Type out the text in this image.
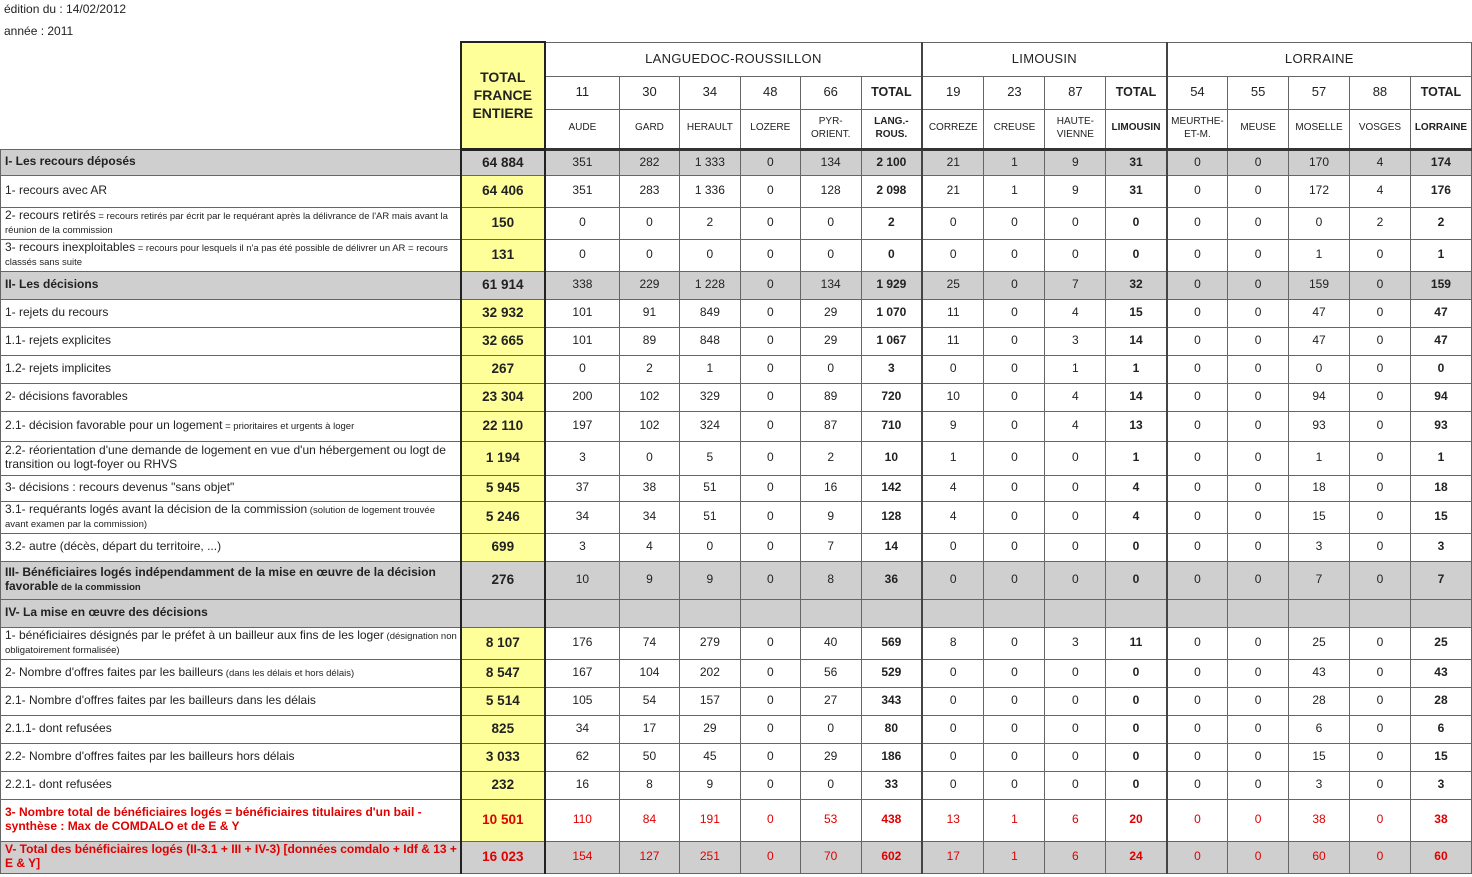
édition du : 14/02/2012
année : 2011
	TOTAL FRANCE ENTIERE	LANGUEDOC-ROUSSILLON						LIMOUSIN				LORRAINE				
		11	30	34	48	66	TOTAL	19	23	87	TOTAL	54	55	57	88	TOTAL
		AUDE	GARD	HERAULT	LOZERE	PYR-ORIENT.	LANG.-ROUS.	CORREZE	CREUSE	HAUTE-VIENNE	LIMOUSIN	MEURTHE-ET-M.	MEUSE	MOSELLE	VOSGES	LORRAINE
I- Les recours déposés	64 884	351	282	1 333	0	134	2 100	21	1	9	31	0	0	170	4	174
1- recours avec AR	64 406	351	283	1 336	0	128	2 098	21	1	9	31	0	0	172	4	176
2- recours retirés = recours retirés par écrit par le requérant après la délivrance de l'AR mais avant la réunion de la commission	150	0	0	2	0	0	2	0	0	0	0	0	0	0	2	2
3- recours inexploitables = recours pour lesquels il n'a pas été possible de délivrer un AR = recours classés sans suite	131	0	0	0	0	0	0	0	0	0	0	0	0	1	0	1
II- Les décisions	61 914	338	229	1 228	0	134	1 929	25	0	7	32	0	0	159	0	159
1- rejets du recours	32 932	101	91	849	0	29	1 070	11	0	4	15	0	0	47	0	47
1.1- rejets explicites	32 665	101	89	848	0	29	1 067	11	0	3	14	0	0	47	0	47
1.2- rejets implicites	267	0	2	1	0	0	3	0	0	1	1	0	0	0	0	0
2- décisions favorables	23 304	200	102	329	0	89	720	10	0	4	14	0	0	94	0	94
2.1- décision favorable pour un logement = prioritaires et urgents à loger	22 110	197	102	324	0	87	710	9	0	4	13	0	0	93	0	93
2.2- réorientation d'une demande de logement en vue d'un hébergement ou logt de transition ou logt-foyer ou RHVS	1 194	3	0	5	0	2	10	1	0	0	1	0	0	1	0	1
3- décisions : recours devenus "sans objet"	5 945	37	38	51	0	16	142	4	0	0	4	0	0	18	0	18
3.1- requérants logés avant la décision de la commission (solution de logement trouvée avant examen par la commission)	5 246	34	34	51	0	9	128	4	0	0	4	0	0	15	0	15
3.2- autre (décès, départ du territoire, ...)	699	3	4	0	0	7	14	0	0	0	0	0	0	3	0	3
III- Bénéficiaires logés indépendamment de la mise en œuvre de la décision favorable de la commission	276	10	9	9	0	8	36	0	0	0	0	0	0	7	0	7
IV- La mise en œuvre des décisions																
1- bénéficiaires désignés par le préfet à un bailleur aux fins de les loger (désignation non obligatoirement formalisée)	8 107	176	74	279	0	40	569	8	0	3	11	0	0	25	0	25
2- Nombre d'offres faites par les bailleurs (dans les délais et hors délais)	8 547	167	104	202	0	56	529	0	0	0	0	0	0	43	0	43
2.1- Nombre d'offres faites par les bailleurs dans les délais	5 514	105	54	157	0	27	343	0	0	0	0	0	0	28	0	28
2.1.1- dont refusées	825	34	17	29	0	0	80	0	0	0	0	0	0	6	0	6
2.2- Nombre d'offres faites par les bailleurs hors délais	3 033	62	50	45	0	29	186	0	0	0	0	0	0	15	0	15
2.2.1- dont refusées	232	16	8	9	0	0	33	0	0	0	0	0	0	3	0	3
3- Nombre total de bénéficiaires logés = bénéficiaires titulaires d'un bail - synthèse : Max de COMDALO et de E & Y	10 501	110	84	191	0	53	438	13	1	6	20	0	0	38	0	38
V- Total des bénéficiaires logés (II-3.1 + III + IV-3) [données comdalo + Idf & 13 + E & Y]	16 023	154	127	251	0	70	602	17	1	6	24	0	0	60	0	60
